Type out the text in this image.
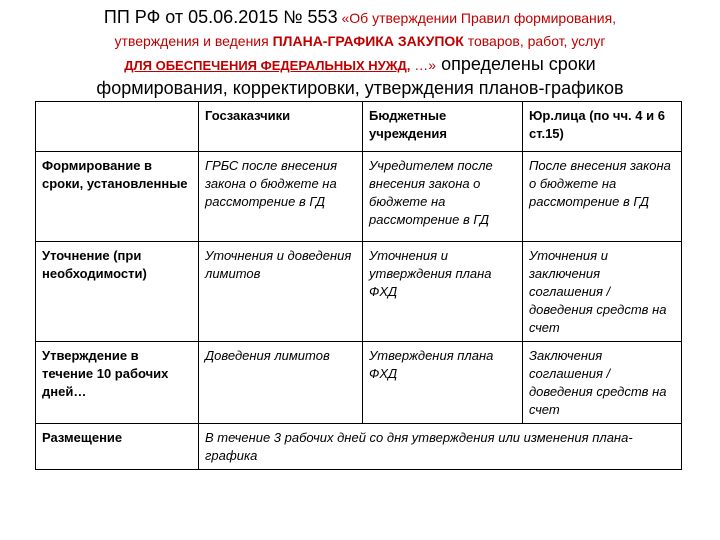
ПП РФ от 05.06.2015 № 553 «Об утверждении Правил формирования,
утверждения и ведения ПЛАНА-ГРАФИКА ЗАКУПОК товаров, работ, услуг
ДЛЯ ОБЕСПЕЧЕНИЯ ФЕДЕРАЛЬНЫХ НУЖД, …» определены сроки
формирования, корректировки, утверждения планов-графиков
	Госзаказчики	Бюджетные учреждения	Юр.лица (по чч. 4 и 6 ст.15)
Формирование в сроки, установленные	ГРБС после внесения закона о бюджете на рассмотрение в ГД	Учредителем после внесения закона о бюджете на рассмотрение в ГД	После внесения закона о бюджете на рассмотрение в ГД
Уточнение (при необходимости)	Уточнения и доведения лимитов	Уточнения и утверждения плана ФХД	Уточнения и заключения соглашения / доведения средств на счет
Утверждение в течение 10 рабочих дней…	Доведения лимитов	Утверждения плана ФХД	Заключения соглашения / доведения средств на счет
Размещение	В течение 3 рабочих дней со дня утверждения или изменения плана-графика		
